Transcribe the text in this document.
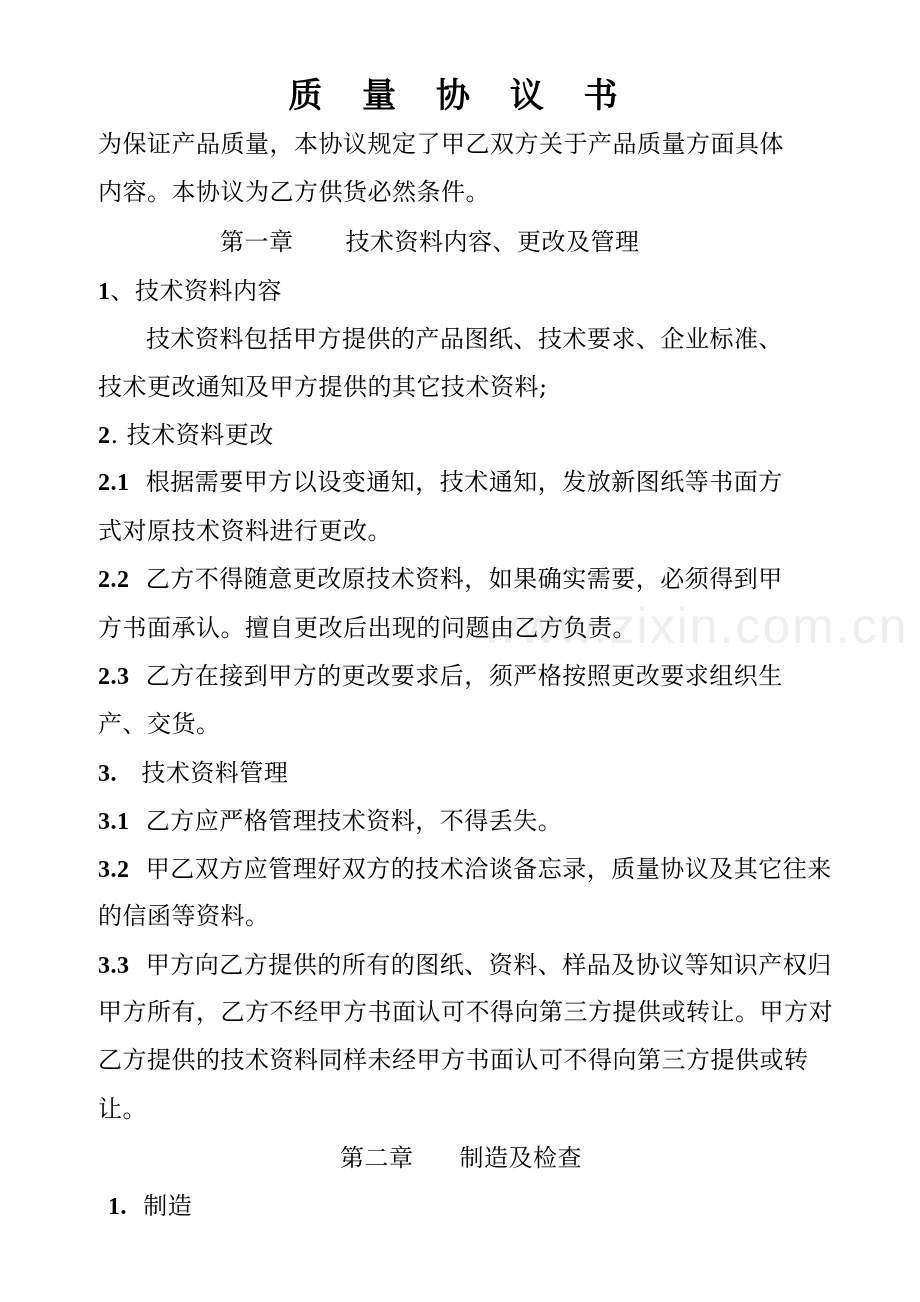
www.zixin.com.cn
质 量 协 议 书

为保证产品质量，本协议规定了甲乙双方关于产品质量方面具体

内容。本协议为乙方供货必然条件。

第一章 技术资料内容、更改及管理

1、技术资料内容

技术资料包括甲方提供的产品图纸、技术要求、企业标准、

技术更改通知及甲方提供的其它技术资料;

2. 技术资料更改

2.1 根据需要甲方以设变通知，技术通知，发放新图纸等书面方

式对原技术资料进行更改。

2.2 乙方不得随意更改原技术资料，如果确实需要，必须得到甲

方书面承认。擅自更改后出现的问题由乙方负责。

2.3 乙方在接到甲方的更改要求后，须严格按照更改要求组织生

产、交货。

3. 技术资料管理

3.1 乙方应严格管理技术资料，不得丢失。

3.2 甲乙双方应管理好双方的技术洽谈备忘录，质量协议及其它往来

的信函等资料。

3.3 甲方向乙方提供的所有的图纸、资料、样品及协议等知识产权归

甲方所有，乙方不经甲方书面认可不得向第三方提供或转让。甲方对

乙方提供的技术资料同样未经甲方书面认可不得向第三方提供或转

让。

第二章 制造及检查

1. 制造
